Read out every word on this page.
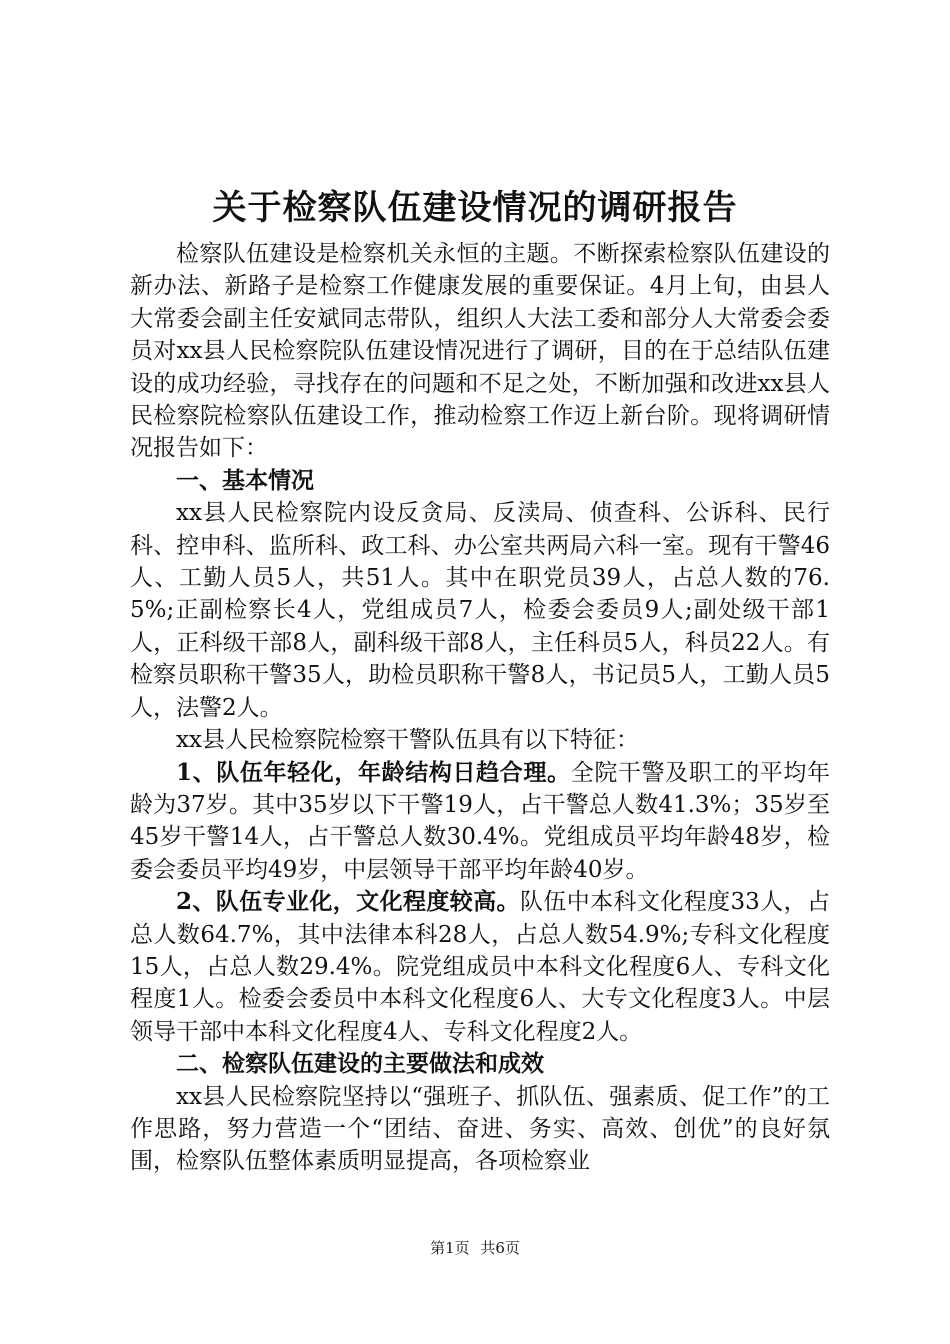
关于检察队伍建设情况的调研报告

检察队伍建设是检察机关永恒的主题。不断探索检察队伍建设的新办法、新路子是检察工作健康发展的重要保证。4月上旬，由县人大常委会副主任安斌同志带队，组织人大法工委和部分人大常委会委员对xx县人民检察院队伍建设情况进行了调研，目的在于总结队伍建设的成功经验，寻找存在的问题和不足之处，不断加强和改进xx县人民检察院检察队伍建设工作，推动检察工作迈上新台阶。现将调研情况报告如下：

一、基本情况

xx县人民检察院内设反贪局、反渎局、侦查科、公诉科、民行科、控申科、监所科、政工科、办公室共两局六科一室。现有干警46人、工勤人员5人，共51人。其中在职党员39人，占总人数的76.5%;正副检察长4人，党组成员7人，检委会委员9人;副处级干部1人，正科级干部8人，副科级干部8人，主任科员5人，科员22人。有检察员职称干警35人，助检员职称干警8人，书记员5人，工勤人员5人，法警2人。

xx县人民检察院检察干警队伍具有以下特征：

1、队伍年轻化，年龄结构日趋合理。全院干警及职工的平均年龄为37岁。其中35岁以下干警19人，占干警总人数41.3%；35岁至45岁干警14人，占干警总人数30.4%。党组成员平均年龄48岁，检委会委员平均49岁，中层领导干部平均年龄40岁。

2、队伍专业化，文化程度较高。队伍中本科文化程度33人，占总人数64.7%，其中法律本科28人，占总人数54.9%;专科文化程度15人，占总人数29.4%。院党组成员中本科文化程度6人、专科文化程度1人。检委会委员中本科文化程度6人、大专文化程度3人。中层领导干部中本科文化程度4人、专科文化程度2人。

二、检察队伍建设的主要做法和成效

xx县人民检察院坚持以“强班子、抓队伍、强素质、促工作”的工作思路，努力营造一个“团结、奋进、务实、高效、创优”的良好氛围，检察队伍整体素质明显提高，各项检察业

第1页 共6页
